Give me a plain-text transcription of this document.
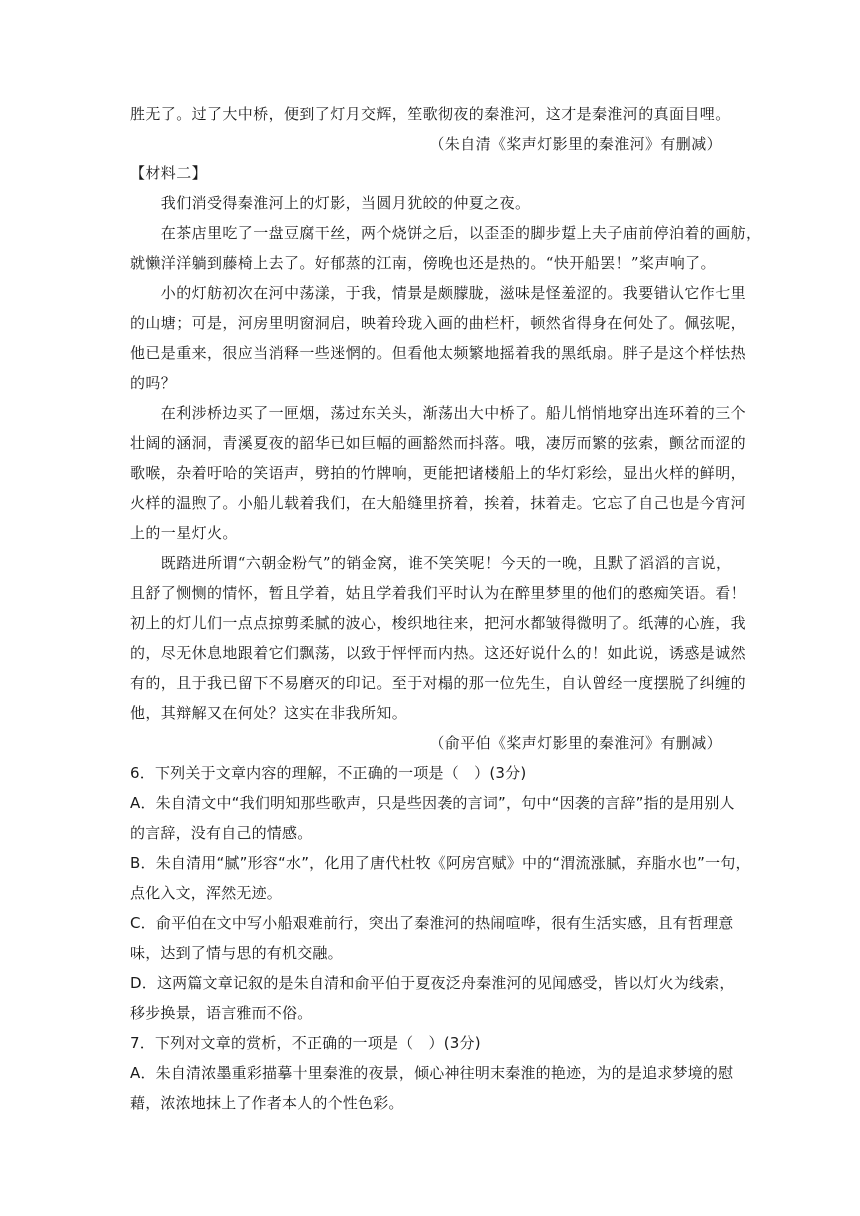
胜无了。过了大中桥，便到了灯月交辉，笙歌彻夜的秦淮河，这才是秦淮河的真面目哩。
（朱自清《桨声灯影里的秦淮河》有删减）
【材料二】
　　我们消受得秦淮河上的灯影，当圆月犹皎的仲夏之夜。
　　在茶店里吃了一盘豆腐干丝，两个烧饼之后，以歪歪的脚步踅上夫子庙前停泊着的画舫，
就懒洋洋躺到藤椅上去了。好郁蒸的江南，傍晚也还是热的。“快开船罢！”桨声响了。
　　小的灯舫初次在河中荡漾，于我，情景是颇朦胧，滋味是怪羞涩的。我要错认它作七里
的山塘；可是，河房里明窗洞启，映着玲珑入画的曲栏杆，顿然省得身在何处了。佩弦呢，
他已是重来，很应当消释一些迷惘的。但看他太频繁地摇着我的黑纸扇。胖子是这个样怯热
的吗？
　　在利涉桥边买了一匣烟，荡过东关头，渐荡出大中桥了。船儿悄悄地穿出连环着的三个
壮阔的涵洞，青溪夏夜的韶华已如巨幅的画豁然而抖落。哦，凄厉而繁的弦索，颤岔而涩的
歌喉，杂着吁哈的笑语声，劈拍的竹牌响，更能把诸楼船上的华灯彩绘，显出火样的鲜明，
火样的温煦了。小船儿载着我们，在大船缝里挤着，挨着，抹着走。它忘了自己也是今宵河
上的一星灯火。
　　既踏进所谓“六朝金粉气”的销金窝，谁不笑笑呢！今天的一晚，且默了滔滔的言说，
且舒了恻恻的情怀，暂且学着，姑且学着我们平时认为在醉里梦里的他们的憨痴笑语。看！
初上的灯儿们一点点掠剪柔腻的波心，梭织地往来，把河水都皱得微明了。纸薄的心旌，我
的，尽无休息地跟着它们飘荡，以致于怦怦而内热。这还好说什么的！如此说，诱惑是诚然
有的，且于我已留下不易磨灭的印记。至于对榻的那一位先生，自认曾经一度摆脱了纠缠的
他，其辩解又在何处？这实在非我所知。
（俞平伯《桨声灯影里的秦淮河》有删减）
6．下列关于文章内容的理解，不正确的一项是（　）(3分)
A．朱自清文中“我们明知那些歌声，只是些因袭的言词”，句中“因袭的言辞”指的是用别人
的言辞，没有自己的情感。
B．朱自清用“腻”形容“水”，化用了唐代杜牧《阿房宫赋》中的“渭流涨腻，弃脂水也”一句，
点化入文，浑然无迹。
C．俞平伯在文中写小船艰难前行，突出了秦淮河的热闹喧哗，很有生活实感，且有哲理意
味，达到了情与思的有机交融。
D．这两篇文章记叙的是朱自清和俞平伯于夏夜泛舟秦淮河的见闻感受，皆以灯火为线索，
移步换景，语言雅而不俗。
7．下列对文章的赏析，不正确的一项是（　）(3分)
A．朱自清浓墨重彩描摹十里秦淮的夜景，倾心神往明末秦淮的艳迹，为的是追求梦境的慰
藉，浓浓地抹上了作者本人的个性色彩。
